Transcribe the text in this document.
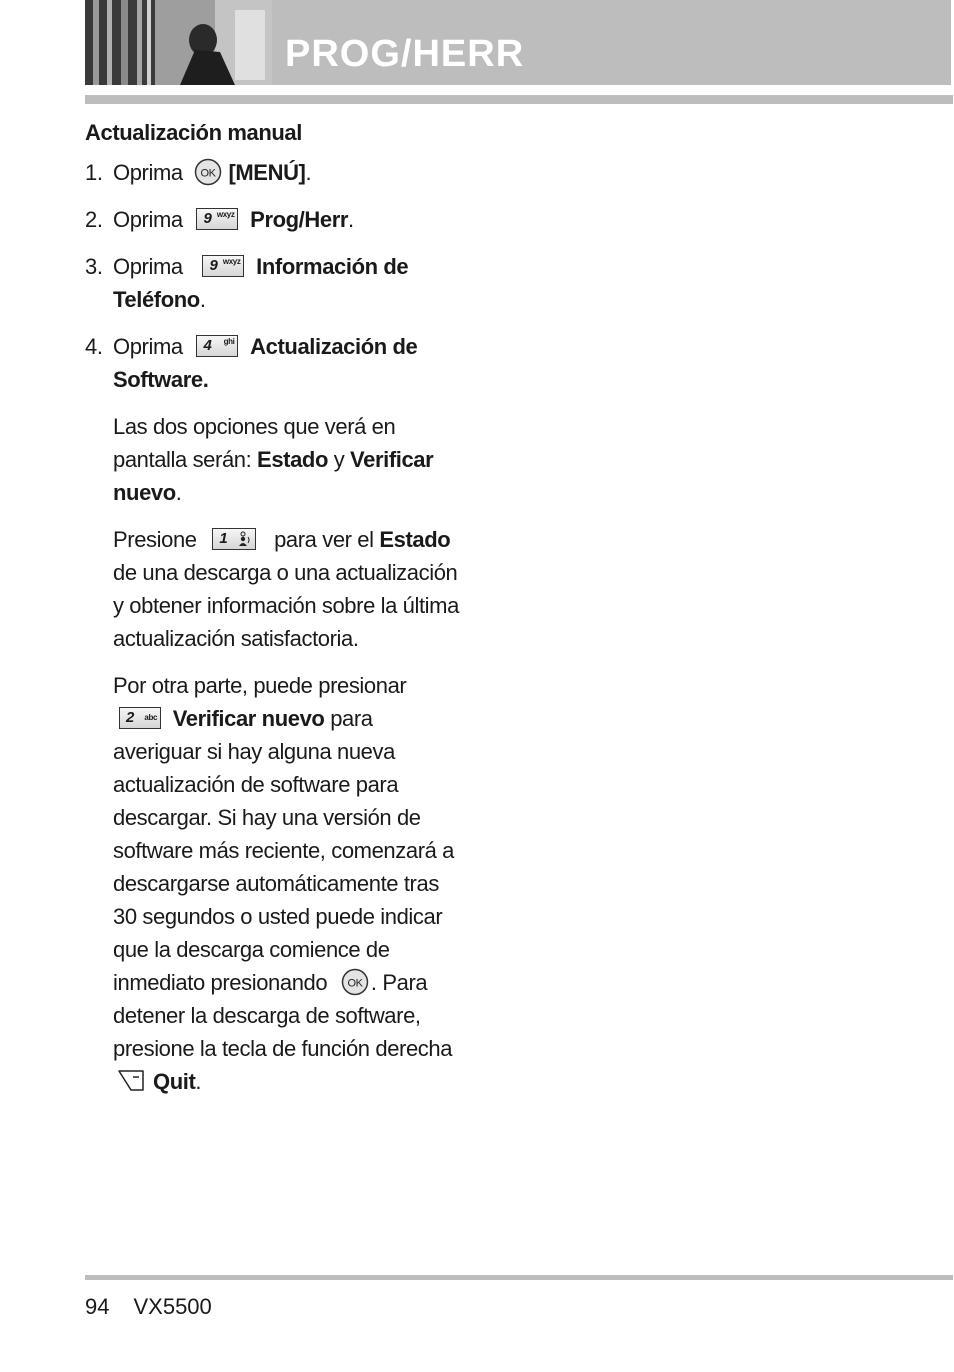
PROG/HERR
Actualización manual
1. Oprima OK [MENÚ].
2. Oprima 9 wxyz Prog/Herr.
3. Oprima 9 wxyz Información de Teléfono.
4. Oprima 4 ghi Actualización de Software.
Las dos opciones que verá en pantalla serán: Estado y Verificar nuevo.
Presione 1 para ver el Estado de una descarga o una actualización y obtener información sobre la última actualización satisfactoria.
Por otra parte, puede presionar 2 abc Verificar nuevo para averiguar si hay alguna nueva actualización de software para descargar. Si hay una versión de software más reciente, comenzará a descargarse automáticamente tras 30 segundos o usted puede indicar que la descarga comience de inmediato presionando OK . Para detener la descarga de software, presione la tecla de función derecha Quit.
94 VX5500
